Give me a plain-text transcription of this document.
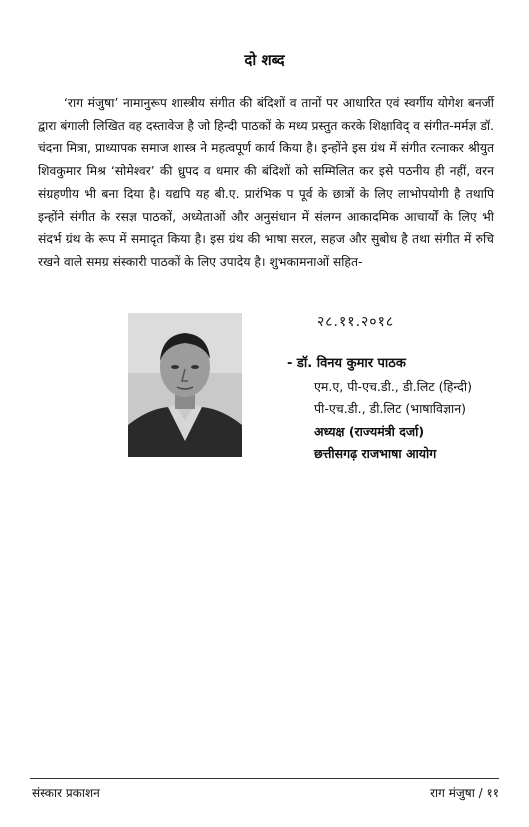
दो शब्द

‘राग मंजुषा’ नामानुरूप शास्त्रीय संगीत की बंदिशों व तानों पर आधारित एवं स्वर्गीय योगेश बनर्जी द्वारा बंगाली लिखित वह दस्तावेज है जो हिन्दी पाठकों के मध्य प्रस्तुत करके शिक्षाविद् व संगीत-मर्मज्ञ डॉ. चंदना मित्रा, प्राध्यापक समाज शास्त्र ने महत्वपूर्ण कार्य किया है। इन्होंने इस ग्रंथ में संगीत रत्नाकर श्रीयुत शिवकुमार मिश्र ‘सोमेश्वर’ की ध्रुपद व धमार की बंदिशों को सम्मिलित कर इसे पठनीय ही नहीं, वरन संग्रहणीय भी बना दिया है। यद्यपि यह बी.ए. प्रारंभिक प पूर्व के छात्रों के लिए लाभोपयोगी है तथापि इन्होंने संगीत के रसज्ञ पाठकों, अध्येताओं और अनुसंधान में संलग्न आकादमिक आचार्यों के लिए भी संदर्भ ग्रंथ के रूप में समादृत किया है। इस ग्रंथ की भाषा सरल, सहज और सुबोध है तथा संगीत में रुचि रखने वाले समग्र संस्कारी पाठकों के लिए उपादेय है। शुभकामनाओं सहित-

२८.११.२०१८
- डॉ. विनय कुमार पाठक
एम.ए, पी-एच.डी., डी.लिट (हिन्दी)
पी-एच.डी., डी.लिट (भाषाविज्ञान)
अध्यक्ष (राज्यमंत्री दर्जा)
छत्तीसगढ़ राजभाषा आयोग
संस्कार प्रकाशन	राग मंजुषा / ११
